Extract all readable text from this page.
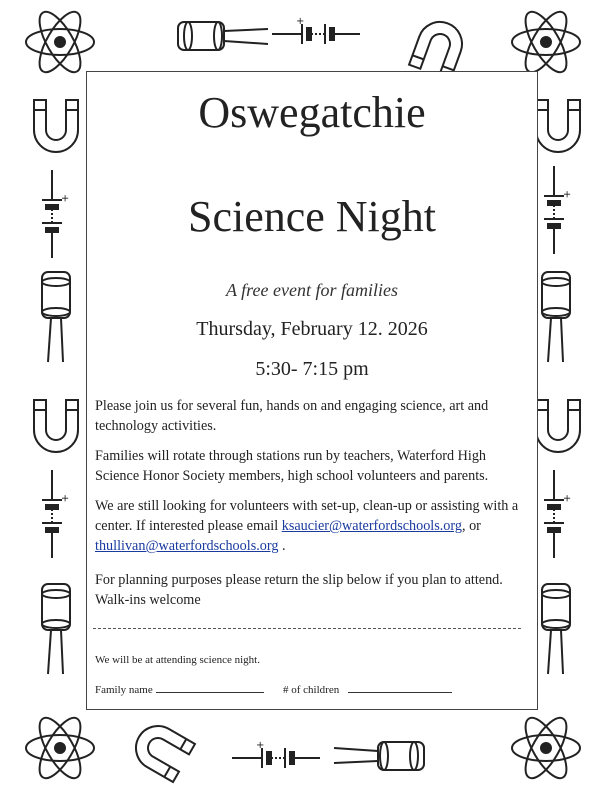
Oswegatchie
Science Night
A free event for families
Thursday, February 12. 2026
5:30- 7:15 pm

Please join us for several fun, hands on and engaging science, art and technology activities.

Families will rotate through stations run by teachers, Waterford High Science Honor Society members, high school volunteers and parents.

We are still looking for volunteers with set-up, clean-up or assisting with a center. If interested please email ksaucier@waterfordschools.org, or thullivan@waterfordschools.org .

For planning purposes please return the slip below if you plan to attend. Walk-ins welcome

We will be at attending science night.
Family name	# of children
